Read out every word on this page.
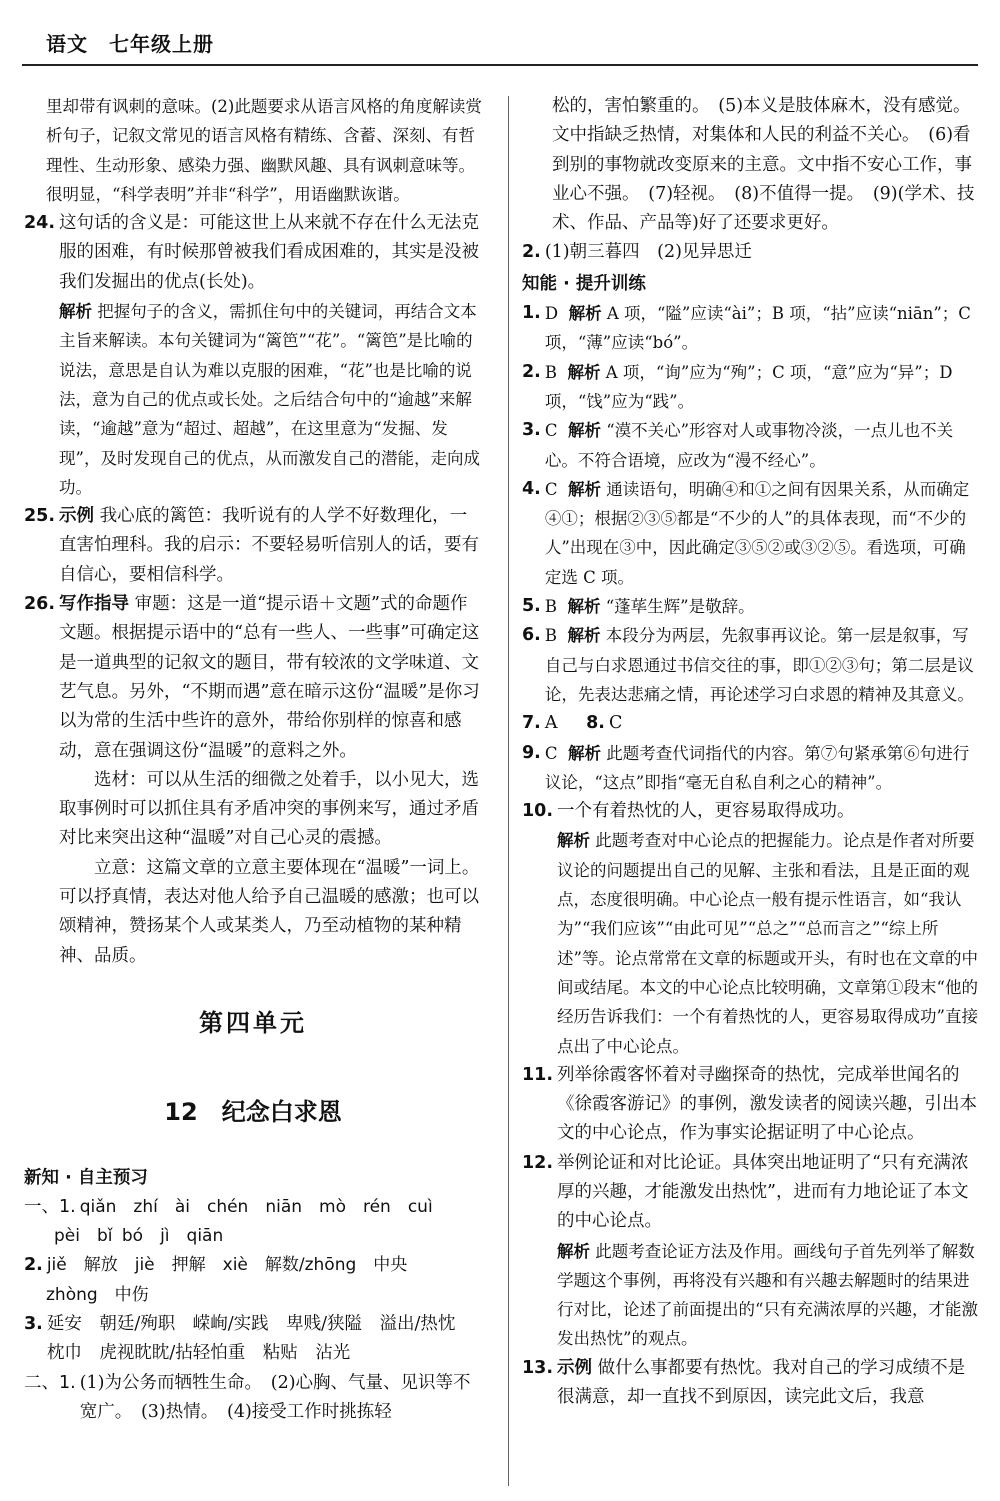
语文　七年级上册
里却带有讽刺的意味。(2)此题要求从语言风格的角度解读赏析句子，记叙文常见的语言风格有精练、含蓄、深刻、有哲理性、生动形象、感染力强、幽默风趣、具有讽刺意味等。很明显，“科学表明”并非“科学”，用语幽默诙谐。
24. 这句话的含义是：可能这世上从来就不存在什么无法克服的困难，有时候那曾被我们看成困难的，其实是没被我们发掘出的优点(长处)。
解析 把握句子的含义，需抓住句中的关键词，再结合文本主旨来解读。本句关键词为“篱笆”“花”。“篱笆”是比喻的说法，意思是自认为难以克服的困难，“花”也是比喻的说法，意为自己的优点或长处。之后结合句中的“逾越”来解读，“逾越”意为“超过、超越”，在这里意为“发掘、发现”，及时发现自己的优点，从而激发自己的潜能，走向成功。
25. 示例 我心底的篱笆：我听说有的人学不好数理化，一直害怕理科。我的启示：不要轻易听信别人的话，要有自信心，要相信科学。
26. 写作指导 审题：这是一道“提示语＋文题”式的命题作文题。根据提示语中的“总有一些人、一些事”可确定这是一道典型的记叙文的题目，带有较浓的文学味道、文艺气息。另外，“不期而遇”意在暗示这份“温暖”是你习以为常的生活中些许的意外，带给你别样的惊喜和感动，意在强调这份“温暖”的意料之外。
选材：可以从生活的细微之处着手，以小见大，选取事例时可以抓住具有矛盾冲突的事例来写，通过矛盾对比来突出这种“温暖”对自己心灵的震撼。
立意：这篇文章的立意主要体现在“温暖”一词上。可以抒真情，表达对他人给予自己温暖的感激；也可以颂精神，赞扬某个人或某类人，乃至动植物的某种精神、品质。
第四单元
12　纪念白求恩
新知 · 自主预习
一、1. qiǎn　zhí　ài　chén　niān　mò　rén　cuì
pèi　bǐ bó　jì　qiān
2. jiě　解放　jiè　押解　xiè　解数/zhōng　中央
zhòng　中伤
3. 延安　朝廷/殉职　嵘峋/实践　卑贱/狭隘　溢出/热忱　枕巾　虎视眈眈/拈轻怕重　粘贴　沾光
二、1. (1)为公务而牺牲生命。　(2)心胸、气量、见识等不宽广。　(3)热情。　(4)接受工作时挑拣轻
松的，害怕繁重的。　(5)本义是肢体麻木，没有感觉。文中指缺乏热情，对集体和人民的利益不关心。　(6)看到别的事物就改变原来的主意。文中指不安心工作，事业心不强。　(7)轻视。　(8)不值得一提。　(9)(学术、技术、作品、产品等)好了还要求更好。
2. (1)朝三暮四　(2)见异思迁
知能 · 提升训练
1. D 解析 A 项，“隘”应读“ài”；B 项，“拈”应读“niān”；C 项，“薄”应读“bó”。
2. B 解析 A 项，“询”应为“殉”；C 项，“意”应为“异”；D 项，“饯”应为“践”。
3. C 解析 “漠不关心”形容对人或事物冷淡，一点儿也不关心。不符合语境，应改为“漫不经心”。
4. C 解析 通读语句，明确④和①之间有因果关系，从而确定④①；根据②③⑤都是“不少的人”的具体表现，而“不少的人”出现在③中，因此确定③⑤②或③②⑤。看选项，可确定选 C 项。
5. B 解析 “蓬荜生辉”是敬辞。
6. B 解析 本段分为两层，先叙事再议论。第一层是叙事，写自己与白求恩通过书信交往的事，即①②③句；第二层是议论，先表达悲痛之情，再论述学习白求恩的精神及其意义。
7. A　  8. C
9. C 解析 此题考查代词指代的内容。第⑦句紧承第⑥句进行议论，“这点”即指“毫无自私自利之心的精神”。
10. 一个有着热忱的人，更容易取得成功。
解析 此题考查对中心论点的把握能力。论点是作者对所要议论的问题提出自己的见解、主张和看法，且是正面的观点，态度很明确。中心论点一般有提示性语言，如“我认为”“我们应该”“由此可见”“总之”“总而言之”“综上所述”等。论点常常在文章的标题或开头，有时也在文章的中间或结尾。本文的中心论点比较明确，文章第①段末“他的经历告诉我们：一个有着热忱的人，更容易取得成功”直接点出了中心论点。
11. 列举徐霞客怀着对寻幽探奇的热忱，完成举世闻名的《徐霞客游记》的事例，激发读者的阅读兴趣，引出本文的中心论点，作为事实论据证明了中心论点。
12. 举例论证和对比论证。具体突出地证明了“只有充满浓厚的兴趣，才能激发出热忱”，进而有力地论证了本文的中心论点。
解析 此题考查论证方法及作用。画线句子首先列举了解数学题这个事例，再将没有兴趣和有兴趣去解题时的结果进行对比，论述了前面提出的“只有充满浓厚的兴趣，才能激发出热忱”的观点。
13. 示例 做什么事都要有热忱。我对自己的学习成绩不是很满意，却一直找不到原因，读完此文后，我意
